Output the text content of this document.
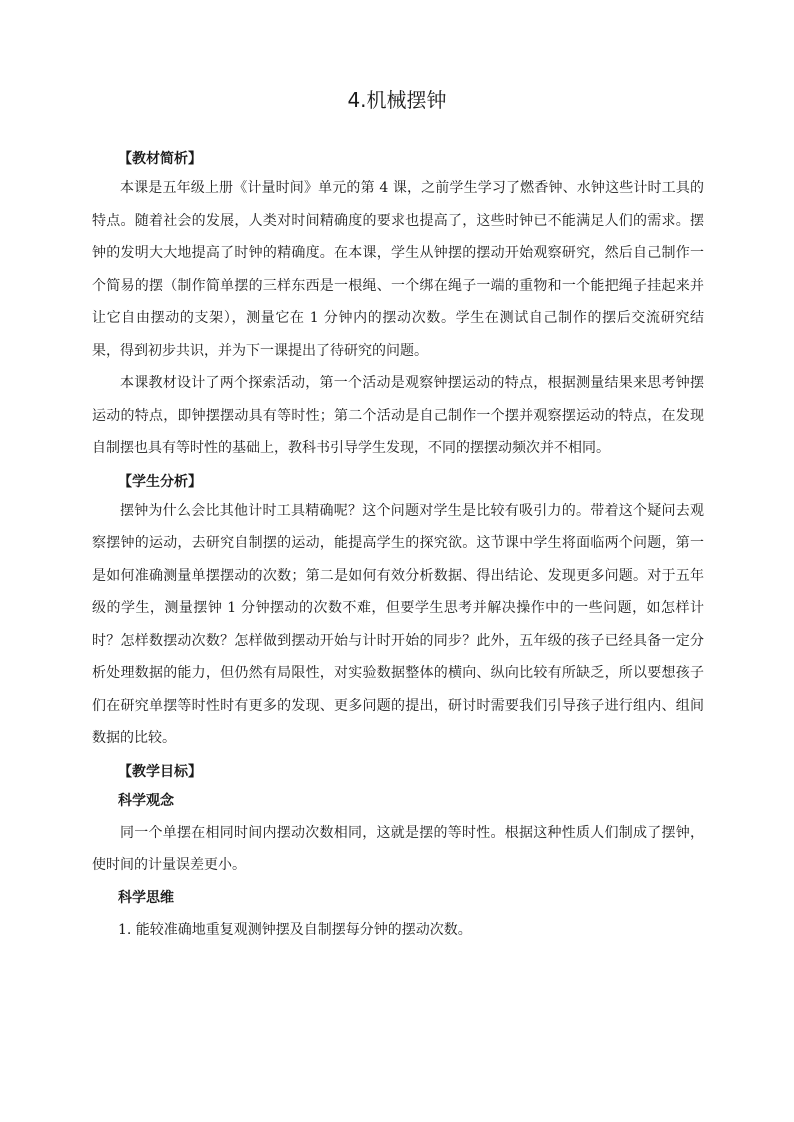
4.机械摆钟
【教材简析】

本课是五年级上册《计量时间》单元的第 4 课，之前学生学习了燃香钟、水钟这些计时工具的特点。随着社会的发展，人类对时间精确度的要求也提高了，这些时钟已不能满足人们的需求。摆钟的发明大大地提高了时钟的精确度。在本课，学生从钟摆的摆动开始观察研究，然后自己制作一个简易的摆（制作简单摆的三样东西是一根绳、一个绑在绳子一端的重物和一个能把绳子挂起来并让它自由摆动的支架），测量它在 1 分钟内的摆动次数。学生在测试自己制作的摆后交流研究结果，得到初步共识，并为下一课提出了待研究的问题。

本课教材设计了两个探索活动，第一个活动是观察钟摆运动的特点，根据测量结果来思考钟摆运动的特点，即钟摆摆动具有等时性；第二个活动是自己制作一个摆并观察摆运动的特点，在发现自制摆也具有等时性的基础上，教科书引导学生发现，不同的摆摆动频次并不相同。

【学生分析】

摆钟为什么会比其他计时工具精确呢？这个问题对学生是比较有吸引力的。带着这个疑问去观察摆钟的运动，去研究自制摆的运动，能提高学生的探究欲。这节课中学生将面临两个问题，第一是如何准确测量单摆摆动的次数；第二是如何有效分析数据、得出结论、发现更多问题。对于五年级的学生，测量摆钟 1 分钟摆动的次数不难，但要学生思考并解决操作中的一些问题，如怎样计时？怎样数摆动次数？怎样做到摆动开始与计时开始的同步？此外，五年级的孩子已经具备一定分析处理数据的能力，但仍然有局限性，对实验数据整体的横向、纵向比较有所缺乏，所以要想孩子们在研究单摆等时性时有更多的发现、更多问题的提出，研讨时需要我们引导孩子进行组内、组间数据的比较。

【教学目标】
科学观念

同一个单摆在相同时间内摆动次数相同，这就是摆的等时性。根据这种性质人们制成了摆钟，使时间的计量误差更小。

科学思维
1. 能较准确地重复观测钟摆及自制摆每分钟的摆动次数。
